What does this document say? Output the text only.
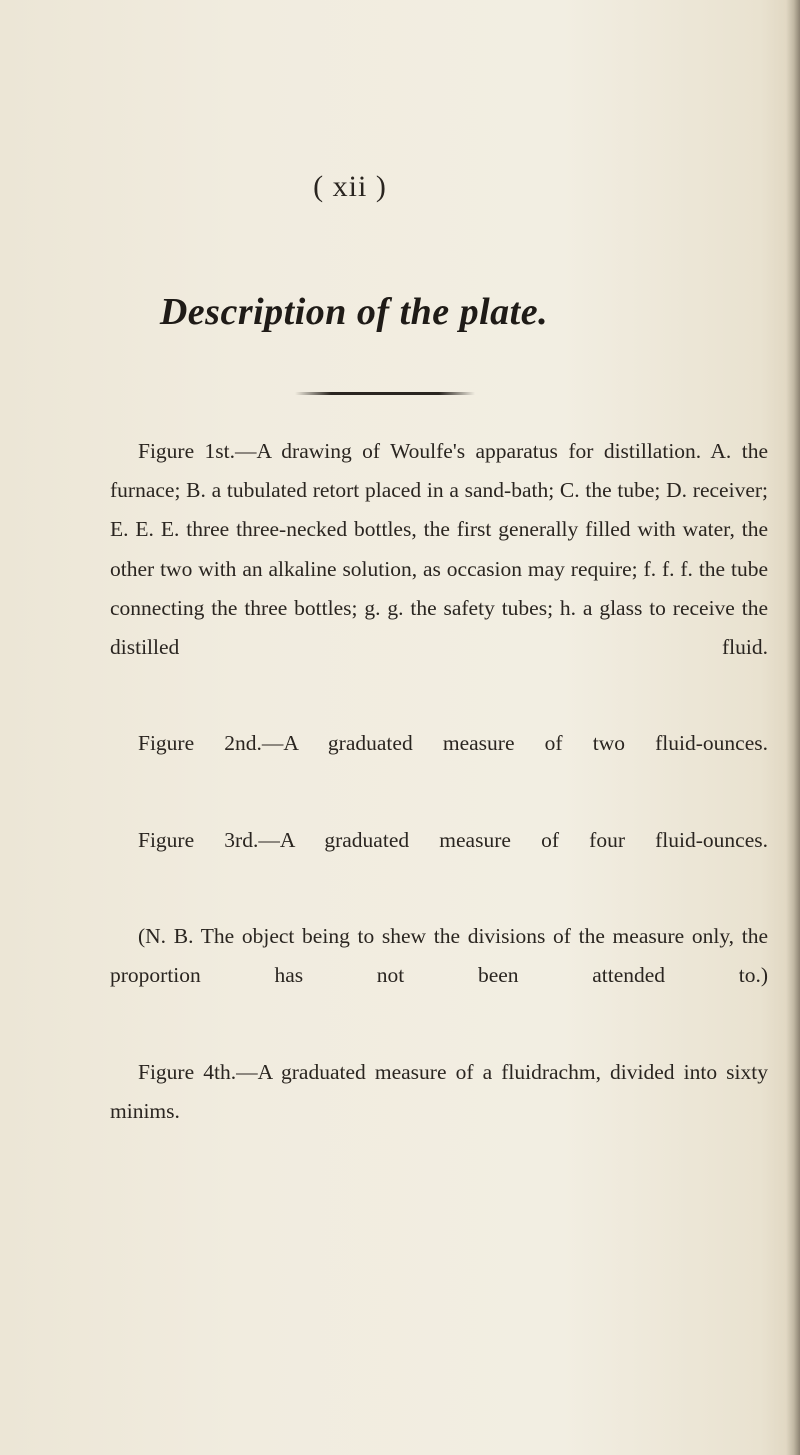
( xii )
Description of the plate.

Figure 1st.—A drawing of Woulfe's apparatus for distillation. A. the furnace; B. a tubulated retort placed in a sand-bath; C. the tube; D. receiver; E. E. E. three three-necked bottles, the first generally filled with water, the other two with an alkaline solution, as occasion may require; f. f. f. the tube connecting the three bottles; g. g. the safety tubes; h. a glass to receive the distilled fluid.

Figure 2nd.—A graduated measure of two fluid-ounces.

Figure 3rd.—A graduated measure of four fluid-ounces.

(N. B. The object being to shew the divisions of the measure only, the proportion has not been attended to.)

Figure 4th.—A graduated measure of a fluidrachm, divided into sixty minims.
